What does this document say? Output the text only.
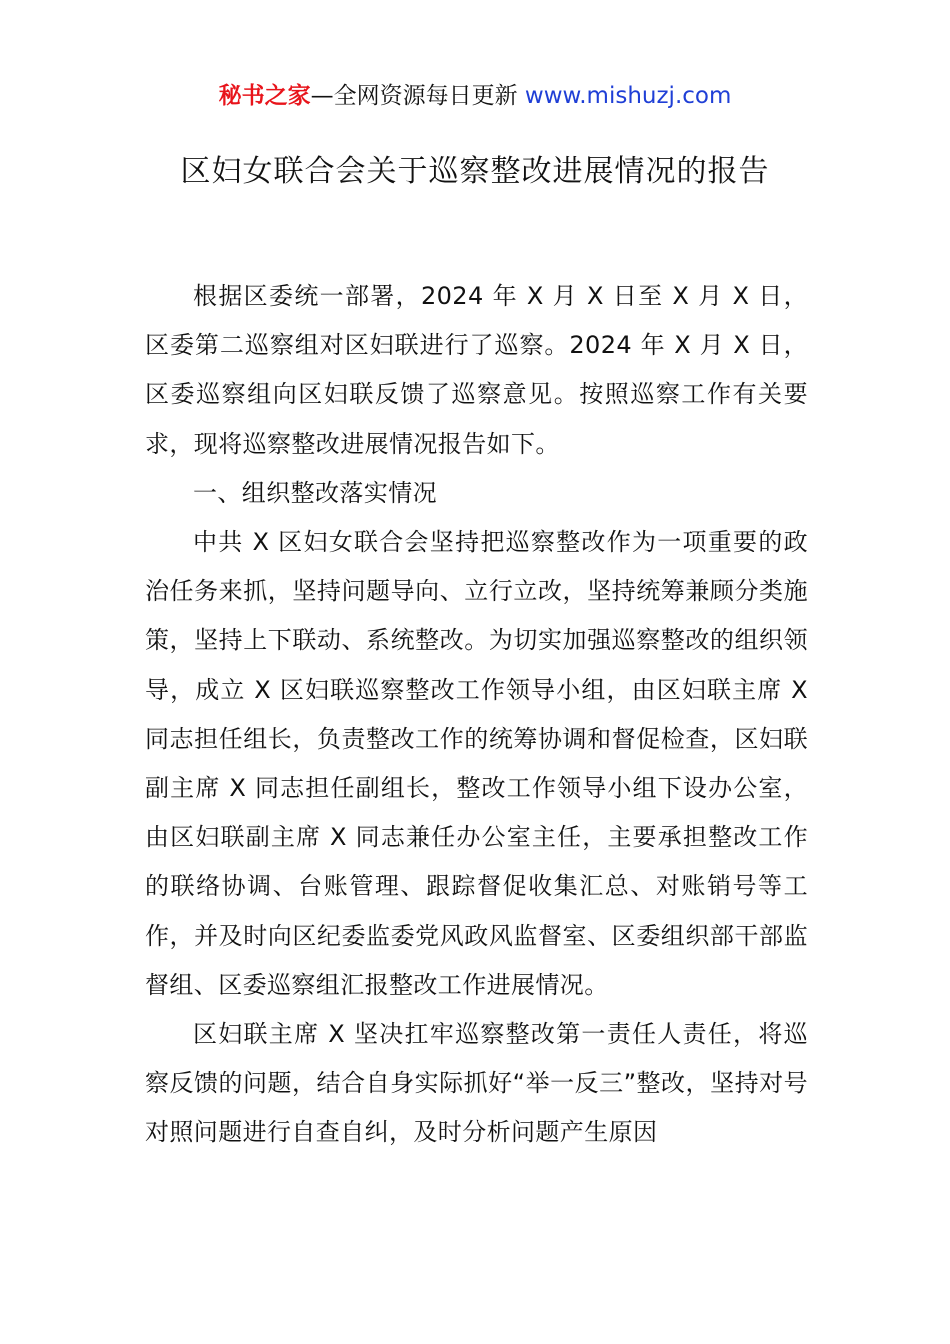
秘书之家—全网资源每日更新 www.mishuzj.com
区妇女联合会关于巡察整改进展情况的报告

根据区委统一部署，2024 年 X 月 X 日至 X 月 X 日，区委第二巡察组对区妇联进行了巡察。2024 年 X 月 X 日，区委巡察组向区妇联反馈了巡察意见。按照巡察工作有关要求，现将巡察整改进展情况报告如下。

一、组织整改落实情况

中共 X 区妇女联合会坚持把巡察整改作为一项重要的政治任务来抓，坚持问题导向、立行立改，坚持统筹兼顾分类施策，坚持上下联动、系统整改。为切实加强巡察整改的组织领导，成立 X 区妇联巡察整改工作领导小组，由区妇联主席 X 同志担任组长，负责整改工作的统筹协调和督促检查，区妇联副主席 X 同志担任副组长，整改工作领导小组下设办公室，由区妇联副主席 X 同志兼任办公室主任，主要承担整改工作的联络协调、台账管理、跟踪督促收集汇总、对账销号等工作，并及时向区纪委监委党风政风监督室、区委组织部干部监督组、区委巡察组汇报整改工作进展情况。

区妇联主席 X 坚决扛牢巡察整改第一责任人责任，将巡察反馈的问题，结合自身实际抓好“举一反三”整改，坚持对号对照问题进行自查自纠，及时分析问题产生原因
